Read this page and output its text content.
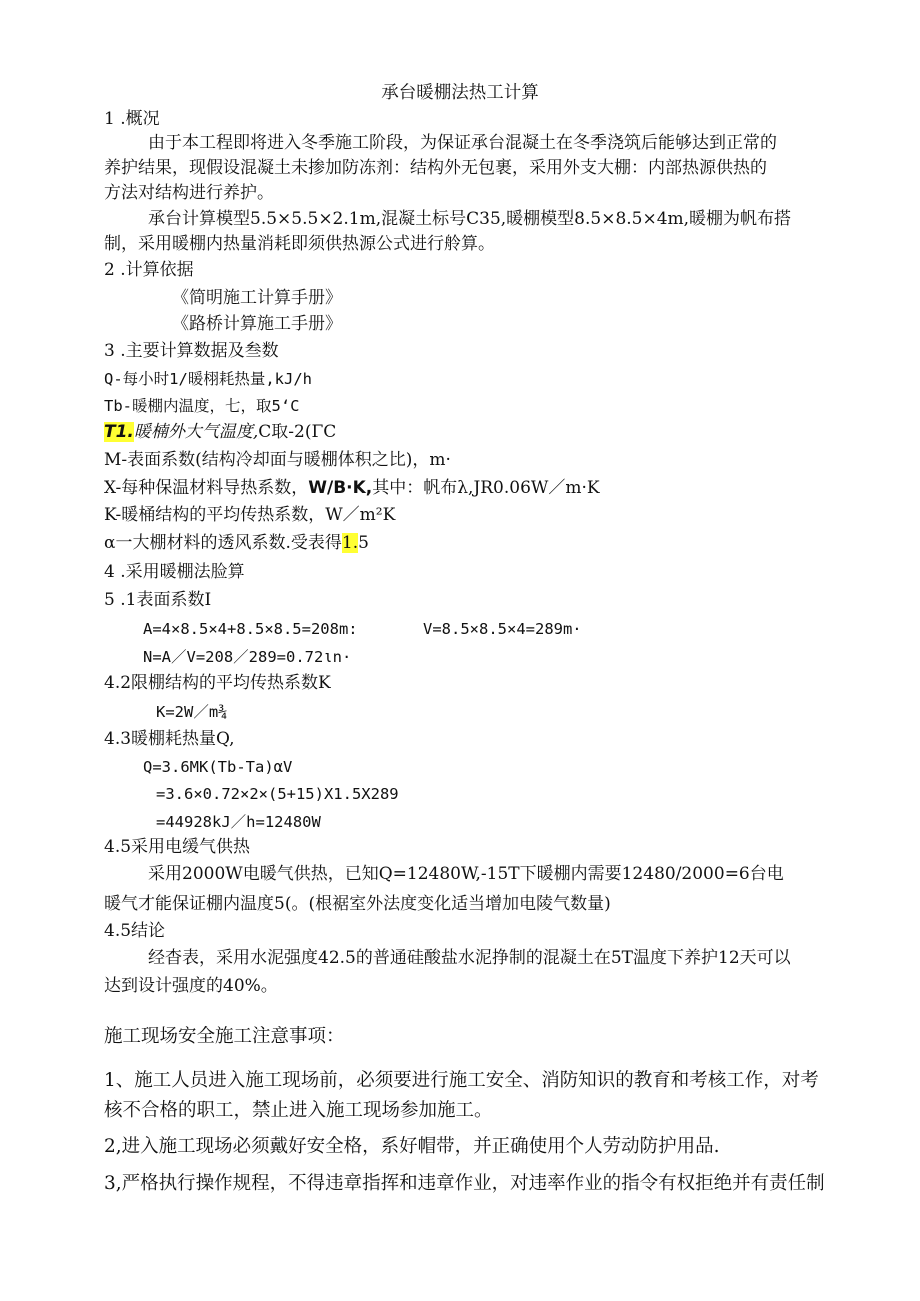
承台暖棚法热工计算
1 .概况
由于本工程即将进入冬季施工阶段，为保证承台混凝土在冬季浇筑后能够达到正常的
养护结果，现假设混凝土未掺加防冻剂：结构外无包裹，采用外支大棚：内部热源供热的
方法对结构进行养护。
承台计算模型5.5×5.5×2.1m,混凝土标号C35,暖棚模型8.5×8.5×4m,暖棚为帆布搭
制，采用暖棚内热量消耗即须供热源公式进行舲算。
2 .计算依据
《简明施工计算手册》
《路桥计算施工手册》
3 .主要计算数据及叁数
Q-每小时1/暖栩耗热量,kJ/h
Tb-暖棚内温度，七，取5‘C
T1.暖楠外大气温度,C取-2(ΓC
M-表面系数(结构冷却面与暖棚体积之比)，m·
X-每种保温材料导热系数，W/B·K,其中：帆布λ,JR0.06W／m·K
K-暖桶结构的平均传热系数，W／m²K
α一大棚材料的透风系数.受表得1.5
4 .采用暖棚法脸算
5 .1表面系数I
A=4×8.5×4+8.5×8.5=208m:	V=8.5×8.5×4=289m·
N=A／V=208／289=0.72ιn·
4.2限棚结构的平均传热系数K
K=2W／m¾
4.3暖棚耗热量Q,
Q=3.6MK(Tb-Ta)αV
=3.6×0.72×2×(5+15)X1.5X289
=44928kJ／h=12480W
4.5采用电缓气供热
采用2000W电暖气供热，已知Q=12480W,-15T下暖棚内需要12480/2000=6台电
暖气才能保证棚内温度5(。(根裾室外法度变化适当增加电陵气数量)
4.5结论
经杳表，采用水泥强度42.5的普通硅酸盐水泥挣制的混凝土在5T温度下养护12天可以
达到设计强度的40%。
施工现场安全施工注意事项：
1、施工人员进入施工现场前，必须要进行施工安全、消防知识的教育和考核工作，对考
核不合格的职工，禁止进入施工现场参加施工。
2,进入施工现场必须戴好安全格，系好帽带，并正确使用个人劳动防护用品.
3,严格执行操作规程，不得违章指挥和违章作业，对违率作业的指令有权拒绝并有责任制
